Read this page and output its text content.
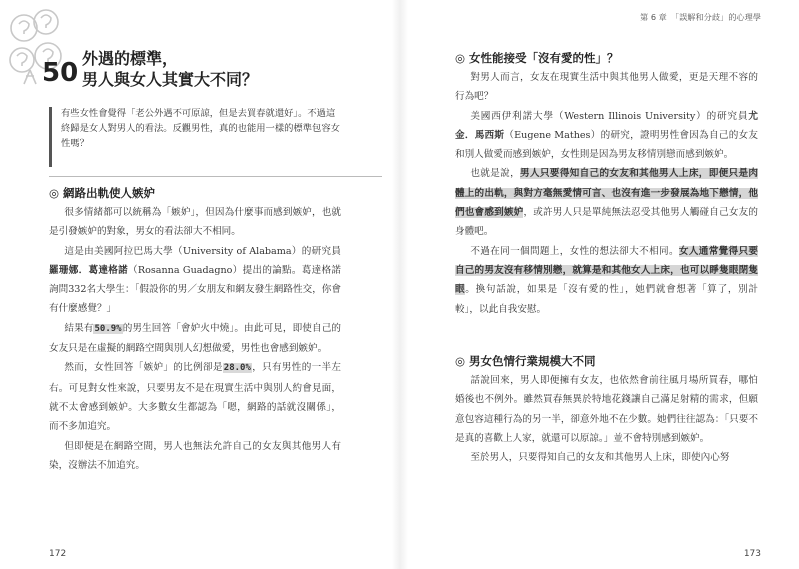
50 外遇的標準，
男人與女人其實大不同？
有些女性會覺得「老公外遇不可原諒，但是去買春就還好」。不過這終歸是女人對男人的看法。反觀男性，真的也能用一樣的標準包容女性嗎？
◎ 網路出軌使人嫉妒

很多情緒都可以統稱為「嫉妒」，但因為什麼事而感到嫉妒，也就是引發嫉妒的對象，男女的看法卻大不相同。

這是由美國阿拉巴馬大學（University of Alabama）的研究員羅珊娜．葛達格諾（Rosanna Guadagno）提出的論點。葛達格諾詢問332名大學生：「假設你的男／女朋友和網友發生網路性交，你會有什麼感覺？」

結果有50.9%的男生回答「會妒火中燒」。由此可見，即使自己的女友只是在虛擬的網路空間與別人幻想做愛，男性也會感到嫉妒。

然而，女性回答「嫉妒」的比例卻是28.0%，只有男性的一半左右。可見對女性來說，只要男友不是在現實生活中與別人約會見面，就不太會感到嫉妒。大多數女生都認為「嗯，網路的話就沒關係」，而不多加追究。

但即便是在網路空間，男人也無法允許自己的女友與其他男人有染，沒辦法不加追究。

172
第 6 章　「誤解和分歧」的心理學
◎ 女性能接受「沒有愛的性」？

對男人而言，女友在現實生活中與其他男人做愛，更是天理不容的行為吧？

美國西伊利諾大學（Western Illinois University）的研究員尤金．馬西斯（Eugene Mathes）的研究，證明男性會因為自己的女友和別人做愛而感到嫉妒，女性則是因為男友移情別戀而感到嫉妒。

也就是說，男人只要得知自己的女友和其他男人上床，即便只是肉體上的出軌，與對方毫無愛情可言、也沒有進一步發展為地下戀情，他們也會感到嫉妒，或許男人只是單純無法忍受其他男人觸碰自己女友的身體吧。

不過在同一個問題上，女性的想法卻大不相同。女人通常覺得只要自己的男友沒有移情別戀，就算是和其他女人上床，也可以睜隻眼閉隻眼。換句話說，如果是「沒有愛的性」，她們就會想著「算了，別計較」，以此自我安慰。

◎ 男女色情行業規模大不同

話說回來，男人即便擁有女友，也依然會前往風月場所買春，哪怕婚後也不例外。雖然買春無異於特地花錢讓自己滿足射精的需求，但願意包容這種行為的另一半，卻意外地不在少數。她們往往認為：「只要不是真的喜歡上人家，就還可以原諒。」並不會特別感到嫉妒。

至於男人，只要得知自己的女友和其他男人上床，即使內心努

173
